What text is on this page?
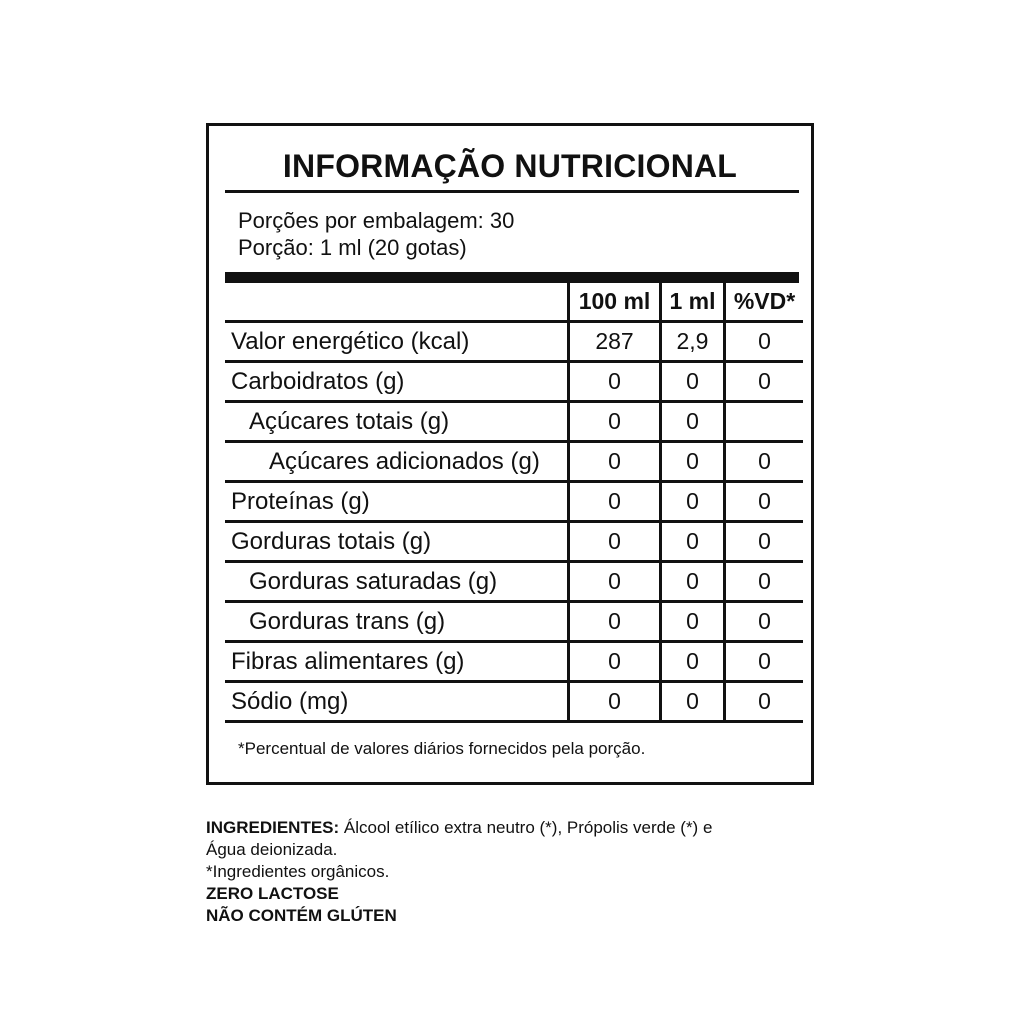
INFORMAÇÃO NUTRICIONAL
Porções por embalagem: 30
Porção: 1 ml (20 gotas)
100 ml 1 ml %VD*
Valor energético (kcal)	287	2,9	0
Carboidratos (g)	0	0	0
Açúcares totais (g)	0	0
Açúcares adicionados (g)	0	0	0
Proteínas (g)	0	0	0
Gorduras totais (g)	0	0	0
Gorduras saturadas (g)	0	0	0
Gorduras trans (g)	0	0	0
Fibras alimentares (g)	0	0	0
Sódio (mg)	0	0	0
*Percentual de valores diários fornecidos pela porção.
INGREDIENTES: Álcool etílico extra neutro (*), Própolis verde (*) e
Água deionizada.
*Ingredientes orgânicos.
ZERO LACTOSE
NÃO CONTÉM GLÚTEN
